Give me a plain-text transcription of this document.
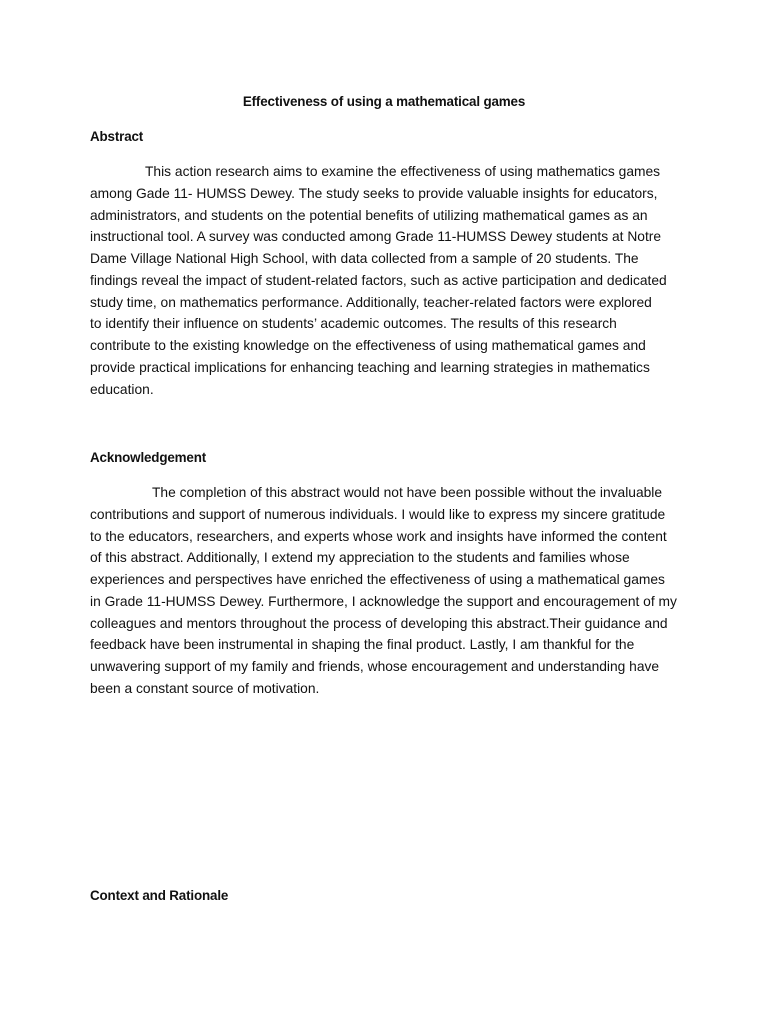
Effectiveness of using a mathematical games
Abstract
This action research aims to examine the effectiveness of using mathematics games
among Gade 11- HUMSS Dewey. The study seeks to provide valuable insights for educators,
administrators, and students on the potential benefits of utilizing mathematical games as an
instructional tool. A survey was conducted among Grade 11-HUMSS Dewey students at Notre
Dame Village National High School, with data collected from a sample of 20 students. The
findings reveal the impact of student-related factors, such as active participation and dedicated
study time, on mathematics performance. Additionally, teacher-related factors were explored
to identify their influence on students’ academic outcomes. The results of this research
contribute to the existing knowledge on the effectiveness of using mathematical games and
provide practical implications for enhancing teaching and learning strategies in mathematics
education.
Acknowledgement
The completion of this abstract would not have been possible without the invaluable
contributions and support of numerous individuals. I would like to express my sincere gratitude
to the educators, researchers, and experts whose work and insights have informed the content
of this abstract. Additionally, I extend my appreciation to the students and families whose
experiences and perspectives have enriched the effectiveness of using a mathematical games
in Grade 11-HUMSS Dewey. Furthermore, I acknowledge the support and encouragement of my
colleagues and mentors throughout the process of developing this abstract.Their guidance and
feedback have been instrumental in shaping the final product. Lastly, I am thankful for the
unwavering support of my family and friends, whose encouragement and understanding have
been a constant source of motivation.
Context and Rationale
